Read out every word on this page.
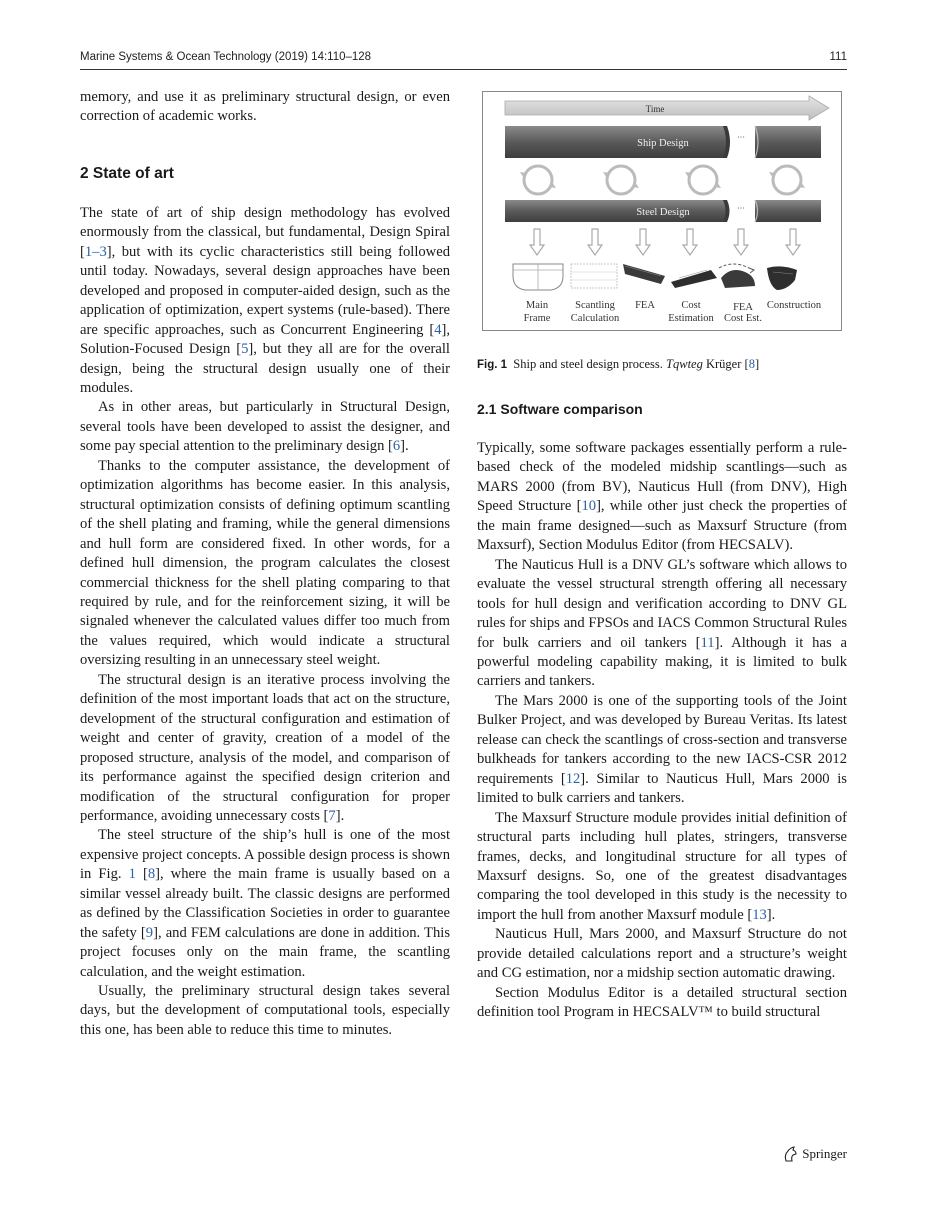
Marine Systems & Ocean Technology (2019) 14:110–128	111

memory, and use it as preliminary structural design, or even correction of academic works.

2 State of art

The state of art of ship design methodology has evolved enormously from the classical, but fundamental, Design Spiral [1–3], but with its cyclic characteristics still being followed until today. Nowadays, several design approaches have been developed and proposed in computer-aided design, such as the application of optimization, expert systems (rule-based). There are specific approaches, such as Concurrent Engineering [4], Solution-Focused Design [5], but they all are for the overall design, being the structural design usually one of their modules.

As in other areas, but particularly in Structural Design, several tools have been developed to assist the designer, and some pay special attention to the preliminary design [6].

Thanks to the computer assistance, the development of optimization algorithms has become easier. In this analysis, structural optimization consists of defining optimum scantling of the shell plating and framing, while the general dimensions and hull form are considered fixed. In other words, for a defined hull dimension, the program calculates the closest commercial thickness for the shell plating comparing to that required by rule, and for the reinforcement sizing, it will be signaled whenever the calculated values differ too much from the values required, which would indicate a structural oversizing resulting in an unnecessary steel weight.

The structural design is an iterative process involving the definition of the most important loads that act on the structure, development of the structural configuration and estimation of weight and center of gravity, creation of a model of the proposed structure, analysis of the model, and comparison of its performance against the specified design criterion and modification of the structural configuration for proper performance, avoiding unnecessary costs [7].

The steel structure of the ship’s hull is one of the most expensive project concepts. A possible design process is shown in Fig. 1 [8], where the main frame is usually based on a similar vessel already built. The classic designs are performed as defined by the Classification Societies in order to guarantee the safety [9], and FEM calculations are done in addition. This project focuses only on the main frame, the scantling calculation, and the weight estimation.

Usually, the preliminary structural design takes several days, but the development of computational tools, especially this one, has been able to reduce this time to minutes.

Time
Ship Design
···
Steel Design	···
Main
Frame
Scantling
Calculation
FEA	Cost
Estimation
FEA
Cost Est.
Construction
Fig. 1 Ship and steel design process. Tqwteg Krüger [8]

2.1 Software comparison

Typically, some software packages essentially perform a rule-based check of the modeled midship scantlings—such as MARS 2000 (from BV), Nauticus Hull (from DNV), High Speed Structure [10], while other just check the properties of the main frame designed—such as Maxsurf Structure (from Maxsurf), Section Modulus Editor (from HECSALV).

The Nauticus Hull is a DNV GL’s software which allows to evaluate the vessel structural strength offering all necessary tools for hull design and verification according to DNV GL rules for ships and FPSOs and IACS Common Structural Rules for bulk carriers and oil tankers [11]. Although it has a powerful modeling capability making, it is limited to bulk carriers and tankers.

The Mars 2000 is one of the supporting tools of the Joint Bulker Project, and was developed by Bureau Veritas. Its latest release can check the scantlings of cross-section and transverse bulkheads for tankers according to the new IACS-CSR 2012 requirements [12]. Similar to Nauticus Hull, Mars 2000 is limited to bulk carriers and tankers.

The Maxsurf Structure module provides initial definition of structural parts including hull plates, stringers, transverse frames, decks, and longitudinal structure for all types of Maxsurf designs. So, one of the greatest disadvantages comparing the tool developed in this study is the necessity to import the hull from another Maxsurf module [13].

Nauticus Hull, Mars 2000, and Maxsurf Structure do not provide detailed calculations report and a structure’s weight and CG estimation, nor a midship section automatic drawing.

Section Modulus Editor is a detailed structural section definition tool Program in HECSALV™ to build structural

Springer
